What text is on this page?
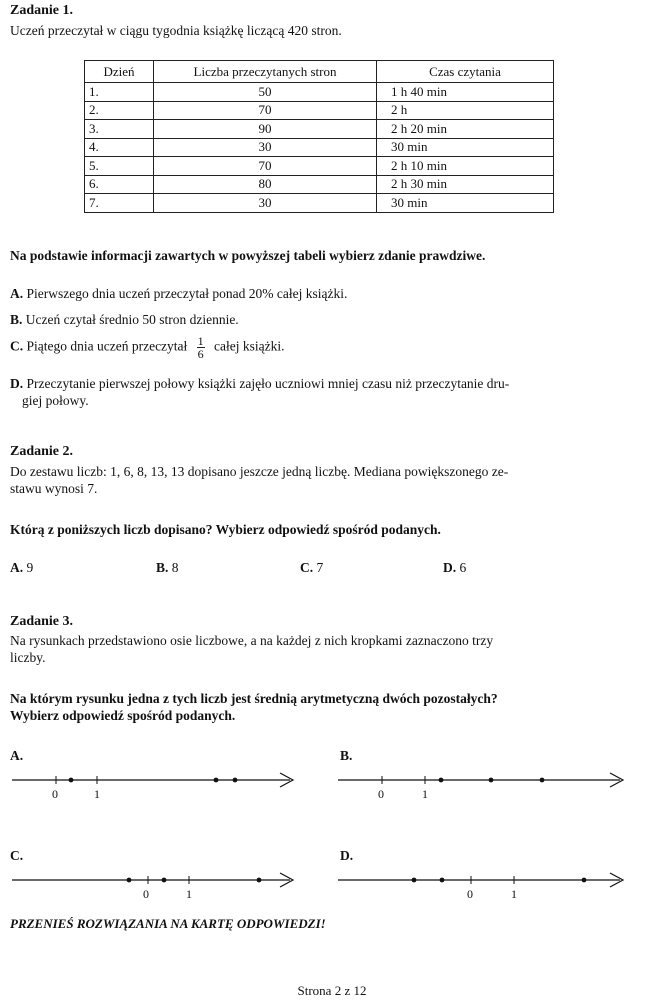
Zadanie 1.
Uczeń przeczytał w ciągu tygodnia książkę liczącą 420 stron.
Dzień	Liczba przeczytanych stron	Czas czytania
1.	50	1 h 40 min
2.	70	2 h
3.	90	2 h 20 min
4.	30	30 min
5.	70	2 h 10 min
6.	80	2 h 30 min
7.	30	30 min
Na podstawie informacji zawartych w powyższej tabeli wybierz zdanie prawdziwe.
A. Pierwszego dnia uczeń przeczytał ponad 20% całej książki.
B. Uczeń czytał średnio 50 stron dziennie.
C. Piątego dnia uczeń przeczytał $\frac{1}{6}$ całej książki.
D. Przeczytanie pierwszej połowy książki zajęło uczniowi mniej czasu niż przeczytanie dru-
giej połowy.
Zadanie 2.
Do zestawu liczb: 1, 6, 8, 13, 13 dopisano jeszcze jedną liczbę. Mediana powiększonego ze-
stawu wynosi 7.
Którą z poniższych liczb dopisano? Wybierz odpowiedź spośród podanych.
A. 9	B. 8	C. 7	D. 6
Zadanie 3.
Na rysunkach przedstawiono osie liczbowe, a na każdej z nich kropkami zaznaczono trzy
liczby.
Na którym rysunku jedna z tych liczb jest średnią arytmetyczną dwóch pozostałych?
Wybierz odpowiedź spośród podanych.
A.
0	1
B.
0	1
C.
0	1
D.
0	1
PRZENIEŚ ROZWIĄZANIA NA KARTĘ ODPOWIEDZI!
Strona 2 z 12
